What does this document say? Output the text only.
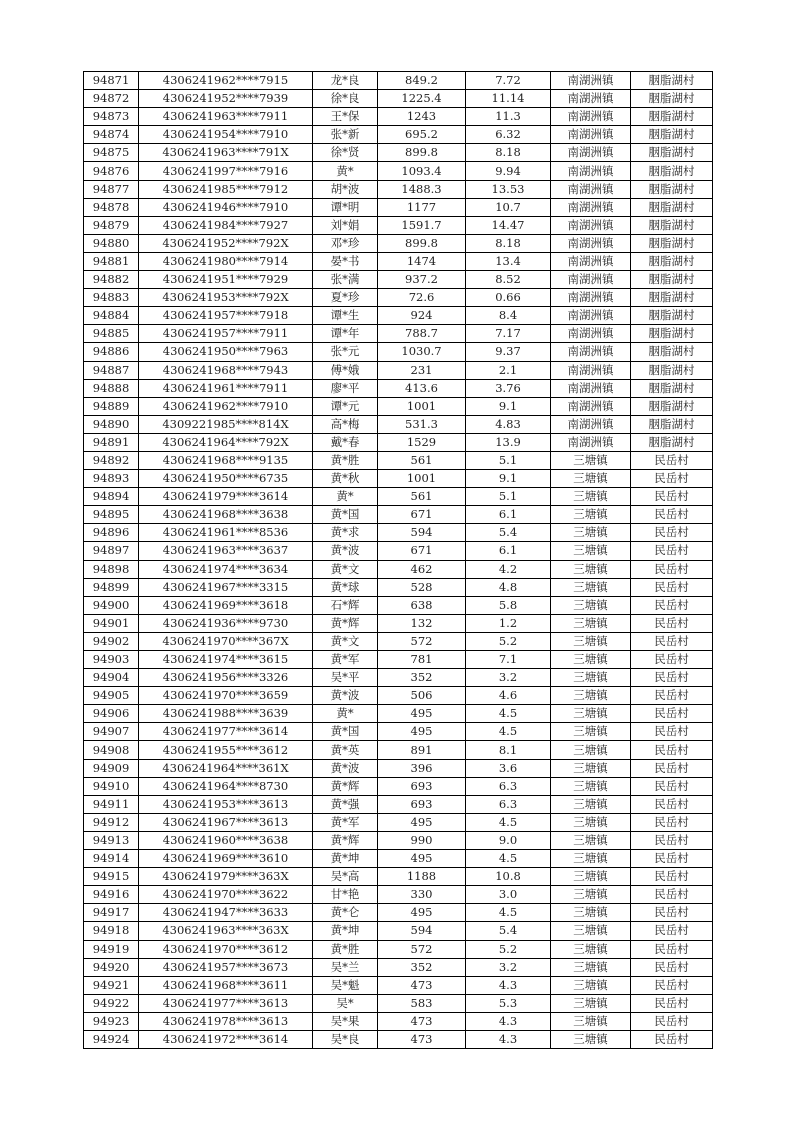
94871	4306241962****7915	龙*良	849.2	7.72	南湖洲镇	胭脂湖村
94872	4306241952****7939	徐*良	1225.4	11.14	南湖洲镇	胭脂湖村
94873	4306241963****7911	王*保	1243	11.3	南湖洲镇	胭脂湖村
94874	4306241954****7910	张*新	695.2	6.32	南湖洲镇	胭脂湖村
94875	4306241963****791X	徐*贤	899.8	8.18	南湖洲镇	胭脂湖村
94876	4306241997****7916	黄*	1093.4	9.94	南湖洲镇	胭脂湖村
94877	4306241985****7912	胡*波	1488.3	13.53	南湖洲镇	胭脂湖村
94878	4306241946****7910	谭*明	1177	10.7	南湖洲镇	胭脂湖村
94879	4306241984****7927	刘*娟	1591.7	14.47	南湖洲镇	胭脂湖村
94880	4306241952****792X	邓*珍	899.8	8.18	南湖洲镇	胭脂湖村
94881	4306241980****7914	晏*书	1474	13.4	南湖洲镇	胭脂湖村
94882	4306241951****7929	张*满	937.2	8.52	南湖洲镇	胭脂湖村
94883	4306241953****792X	夏*珍	72.6	0.66	南湖洲镇	胭脂湖村
94884	4306241957****7918	谭*生	924	8.4	南湖洲镇	胭脂湖村
94885	4306241957****7911	谭*年	788.7	7.17	南湖洲镇	胭脂湖村
94886	4306241950****7963	张*元	1030.7	9.37	南湖洲镇	胭脂湖村
94887	4306241968****7943	傅*娥	231	2.1	南湖洲镇	胭脂湖村
94888	4306241961****7911	廖*平	413.6	3.76	南湖洲镇	胭脂湖村
94889	4306241962****7910	谭*元	1001	9.1	南湖洲镇	胭脂湖村
94890	4309221985****814X	高*梅	531.3	4.83	南湖洲镇	胭脂湖村
94891	4306241964****792X	戴*春	1529	13.9	南湖洲镇	胭脂湖村
94892	4306241968****9135	黄*胜	561	5.1	三塘镇	民岳村
94893	4306241950****6735	黄*秋	1001	9.1	三塘镇	民岳村
94894	4306241979****3614	黄*	561	5.1	三塘镇	民岳村
94895	4306241968****3638	黄*国	671	6.1	三塘镇	民岳村
94896	4306241961****8536	黄*求	594	5.4	三塘镇	民岳村
94897	4306241963****3637	黄*波	671	6.1	三塘镇	民岳村
94898	4306241974****3634	黄*文	462	4.2	三塘镇	民岳村
94899	4306241967****3315	黄*球	528	4.8	三塘镇	民岳村
94900	4306241969****3618	石*辉	638	5.8	三塘镇	民岳村
94901	4306241936****9730	黄*辉	132	1.2	三塘镇	民岳村
94902	4306241970****367X	黄*文	572	5.2	三塘镇	民岳村
94903	4306241974****3615	黄*军	781	7.1	三塘镇	民岳村
94904	4306241956****3326	吴*平	352	3.2	三塘镇	民岳村
94905	4306241970****3659	黄*波	506	4.6	三塘镇	民岳村
94906	4306241988****3639	黄*	495	4.5	三塘镇	民岳村
94907	4306241977****3614	黄*国	495	4.5	三塘镇	民岳村
94908	4306241955****3612	黄*英	891	8.1	三塘镇	民岳村
94909	4306241964****361X	黄*波	396	3.6	三塘镇	民岳村
94910	4306241964****8730	黄*辉	693	6.3	三塘镇	民岳村
94911	4306241953****3613	黄*强	693	6.3	三塘镇	民岳村
94912	4306241967****3613	黄*军	495	4.5	三塘镇	民岳村
94913	4306241960****3638	黄*辉	990	9.0	三塘镇	民岳村
94914	4306241969****3610	黄*坤	495	4.5	三塘镇	民岳村
94915	4306241979****363X	吴*高	1188	10.8	三塘镇	民岳村
94916	4306241970****3622	甘*艳	330	3.0	三塘镇	民岳村
94917	4306241947****3633	黄*仑	495	4.5	三塘镇	民岳村
94918	4306241963****363X	黄*坤	594	5.4	三塘镇	民岳村
94919	4306241970****3612	黄*胜	572	5.2	三塘镇	民岳村
94920	4306241957****3673	吴*兰	352	3.2	三塘镇	民岳村
94921	4306241968****3611	吴*魁	473	4.3	三塘镇	民岳村
94922	4306241977****3613	吴*	583	5.3	三塘镇	民岳村
94923	4306241978****3613	吴*果	473	4.3	三塘镇	民岳村
94924	4306241972****3614	吴*良	473	4.3	三塘镇	民岳村
